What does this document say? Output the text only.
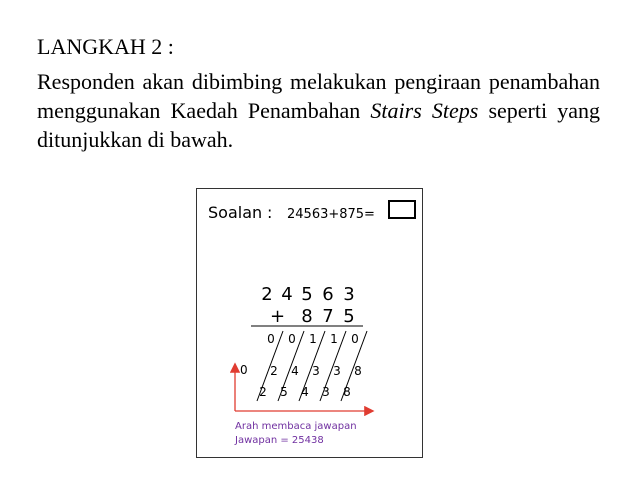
LANGKAH 2 :
Responden akan dibimbing melakukan pengiraan penambahan menggunakan Kaedah Penambahan Stairs Steps seperti yang ditunjukkan di bawah.
Soalan : 24563+875=
2 4 5 6 3
+ 8 7 5
0 0 1 1 0
0 2 4 3 3 8
2 5 4 3 8
Arah membaca jawapan
Jawapan = 25438
